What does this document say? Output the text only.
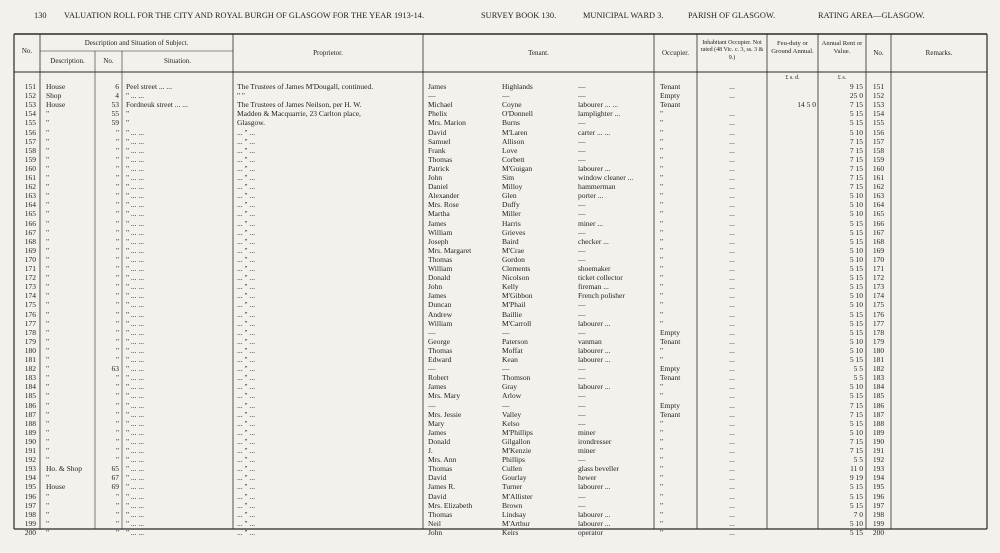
130 VALUATION ROLL FOR THE CITY AND ROYAL BURGH OF GLASGOW FOR THE YEAR 1913-14.	SURVEY BOOK 130.	MUNICIPAL WARD 3.	PARISH OF GLASGOW.	RATING AREA—GLASGOW.
No.
Description and Situation of Subject.
Description.	No.	Situation.
Proprietor.	Tenant.	Occupier.
Inhabitant Occupier. Not rated (48 Vic. c. 3, ss. 3 & 9.)
Feu-duty or Ground Annual.
Annual Rent or Value.	No.	Remarks.
£ s. d.	£ s.
151 House	6 Peel street ... ...	The Trustees of James M'Dougall, continued.	James	Highlands	—	Tenant	...	9 15	151
152 Shop	4 " ... ...	" "	—	—	—	Empty	...	25 0	152
153 House	53 Fordneuk street ... ...	The Trustees of James Neilson, per H. W.	Michael	Coyne	labourer ... ...	Tenant	14 5 0	7 15	153
154 "	55 "	Madden & Macquarrie, 23 Carlton place,	Phelix	O'Donnell	lamplighter ...	"	...	5 15	154
155 "	59 "	Glasgow.	Mrs. Marion	Burns	—	"	...	5 15	155
156 "	" " ... ...	... " ...	David	M'Laren	carter ... ...	"	...	5 10	156
157 "	" " ... ...	... " ...	Samuel	Allison	—	"	...	7 15	157
158 "	" " ... ...	... " ...	Frank	Love	—	"	...	7 15	158
159 "	" " ... ...	... " ...	Thomas	Corbett	—	"	...	7 15	159
160 "	" " ... ...	... " ...	Patrick	M'Guigan	labourer ...	"	...	7 15	160
161 "	" " ... ...	... " ...	John	Sim	window cleaner ...	"	...	7 15	161
162 "	" " ... ...	... " ...	Daniel	Milloy	hammerman	"	...	7 15	162
163 "	" " ... ...	... " ...	Alexander	Glen	porter ...	"	...	5 10	163
164 "	" " ... ...	... " ...	Mrs. Rose	Duffy	—	"	...	5 10	164
165 "	" " ... ...	... " ...	Martha	Miller	—	"	...	5 10	165
166 "	" " ... ...	... " ...	James	Harris	miner ...	"	...	5 15	166
167 "	" " ... ...	... " ...	William	Grieves	—	"	...	5 15	167
168 "	" " ... ...	... " ...	Joseph	Baird	checker ...	"	...	5 15	168
169 "	" " ... ...	... " ...	Mrs. Margaret	M'Crae	—	"	...	5 10	169
170 "	" " ... ...	... " ...	Thomas	Gordon	—	"	...	5 10	170
171 "	" " ... ...	... " ...	William	Clements	shoemaker	"	...	5 15	171
172 "	" " ... ...	... " ...	Donald	Nicolson	ticket collector	"	...	5 15	172
173 "	" " ... ...	... " ...	John	Kelly	fireman ...	"	...	5 15	173
174 "	" " ... ...	... " ...	James	M'Gibbon	French polisher	"	...	5 10	174
175 "	" " ... ...	... " ...	Duncan	M'Phail	—	"	...	5 10	175
176 "	" " ... ...	... " ...	Andrew	Baillie	—	"	...	5 15	176
177 "	" " ... ...	... " ...	William	M'Carroll	labourer ...	"	...	5 15	177
178 "	" " ... ...	... " ...	—	—	—	Empty	...	5 15	178
179 "	" " ... ...	... " ...	George	Paterson	vanman	Tenant	...	5 10	179
180 "	" " ... ...	... " ...	Thomas	Moffat	labourer ...	"	...	5 10	180
181 "	" " ... ...	... " ...	Edward	Kean	labourer ...	"	...	5 15	181
182 "	63 " ... ...	... " ...	—	—	—	Empty	...	5 5	182
183 "	" " ... ...	... " ...	Robert	Thomson	—	Tenant	...	5 5	183
184 "	" " ... ...	... " ...	James	Gray	labourer ...	"	...	5 10	184
185 "	" " ... ...	... " ...	Mrs. Mary	Arlow	—	"	...	5 15	185
186 "	" " ... ...	... " ...	—	—	—	Empty	...	7 15	186
187 "	" " ... ...	... " ...	Mrs. Jessie	Valley	—	Tenant	...	7 15	187
188 "	" " ... ...	... " ...	Mary	Kelso	—	"	...	5 15	188
189 "	" " ... ...	... " ...	James	M'Phillips	miner	"	...	5 10	189
190 "	" " ... ...	... " ...	Donald	Gilgallon	irondresser	"	...	7 15	190
191 "	" " ... ...	... " ...	J.	M'Kenzie	miner	"	...	7 15	191
192 "	" " ... ...	... " ...	Mrs. Ann	Phillips	—	"	...	5 5	192
193 Ho. & Shop	65 " ... ...	... " ...	Thomas	Cullen	glass beveller	"	...	11 0	193
194 "	67 " ... ...	... " ...	David	Gourlay	hewer	"	...	9 19	194
195 House	69 " ... ...	... " ...	James R.	Turner	labourer ...	"	...	5 15	195
196 "	" " ... ...	... " ...	David	M'Allister	—	"	...	5 15	196
197 "	" " ... ...	... " ...	Mrs. Elizabeth	Brown	—	"	...	5 15	197
198 "	" " ... ...	... " ...	Thomas	Lindsay	labourer ...	"	...	7 0	198
199 "	" " ... ...	... " ...	Neil	M'Arthur	labourer ...	"	...	5 10	199
200 "	" " ... ...	... " ...	John	Keirs	operator	"	...	5 15	200
